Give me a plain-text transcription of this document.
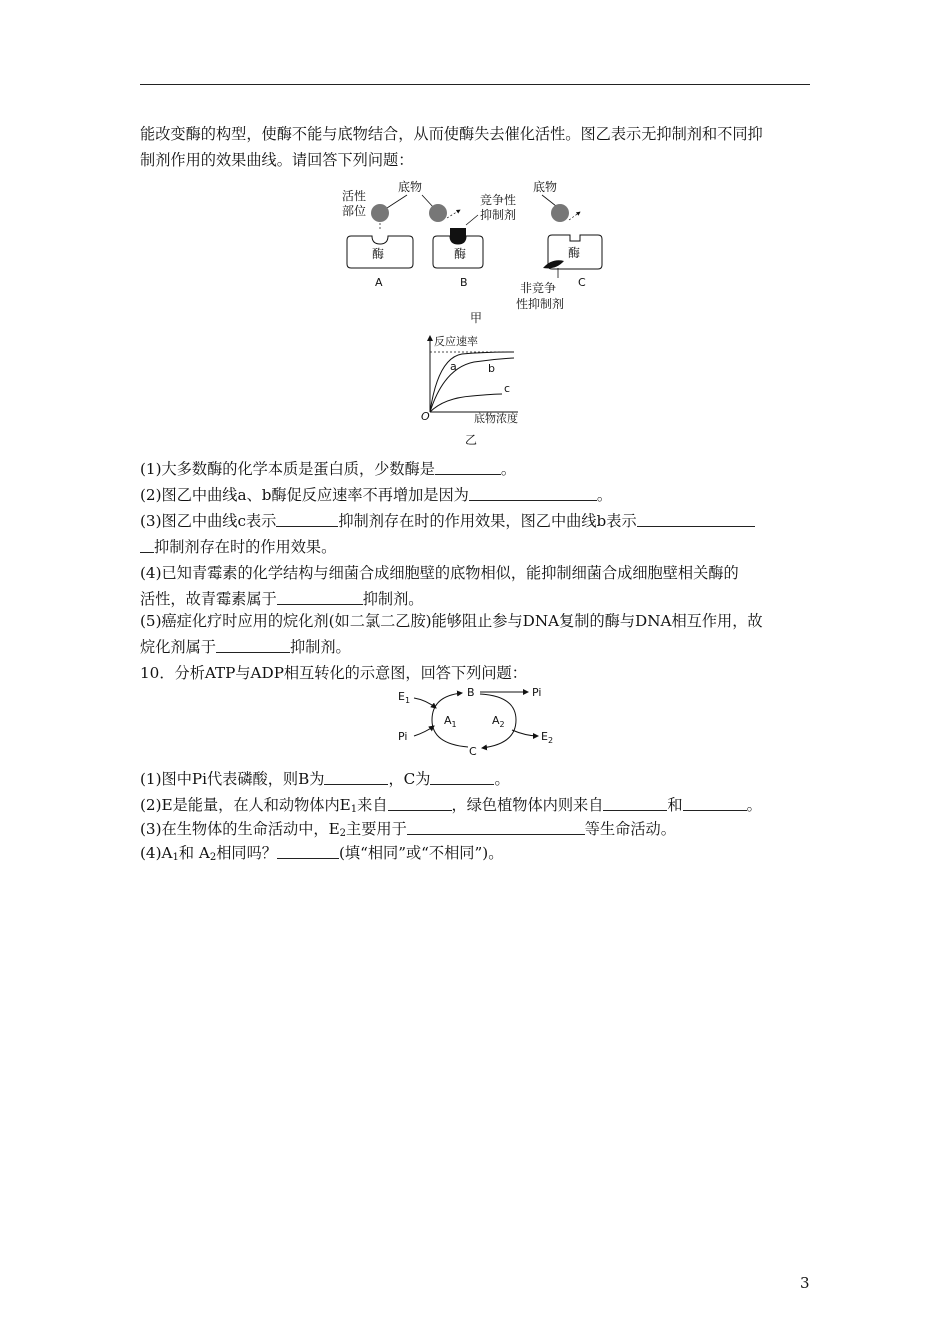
能改变酶的构型，使酶不能与底物结合，从而使酶失去催化活性。图乙表示无抑制剂和不同抑
制剂作用的效果曲线。请回答下列问题：
活性
部位
底物
酶
A
竞争性
抑制剂
酶
B
底物
酶
非竞争
性抑制剂
C
甲
反应速率
a	b
c
O	底物浓度
乙
(1)大多数酶的化学本质是蛋白质，少数酶是	。
(2)图乙中曲线a、b酶促反应速率不再增加是因为	。
(3)图乙中曲线c表示	抑制剂存在时的作用效果，图乙中曲线b表示
抑制剂存在时的作用效果。
(4)已知青霉素的化学结构与细菌合成细胞壁的底物相似，能抑制细菌合成细胞壁相关酶的
活性，故青霉素属于	抑制剂。
(5)癌症化疗时应用的烷化剂(如二氯二乙胺)能够阻止参与DNA复制的酶与DNA相互作用，故
烷化剂属于	抑制剂。
10．分析ATP与ADP相互转化的示意图，回答下列问题：
B
C
Pi
$E_1$
Pi	$E_2$
$A_1$	$A_2$
(1)图中Pi代表磷酸，则B为	，C为	。
(2)E是能量，在人和动物体内$E_1$来自	，绿色植物体内则来自	和	。
(3)在生物体的生命活动中，$E_2$主要用于	等生命活动。
$(4)A_1$和 $A_2$相同吗？	(填“相同”或“不相同”)。
3
